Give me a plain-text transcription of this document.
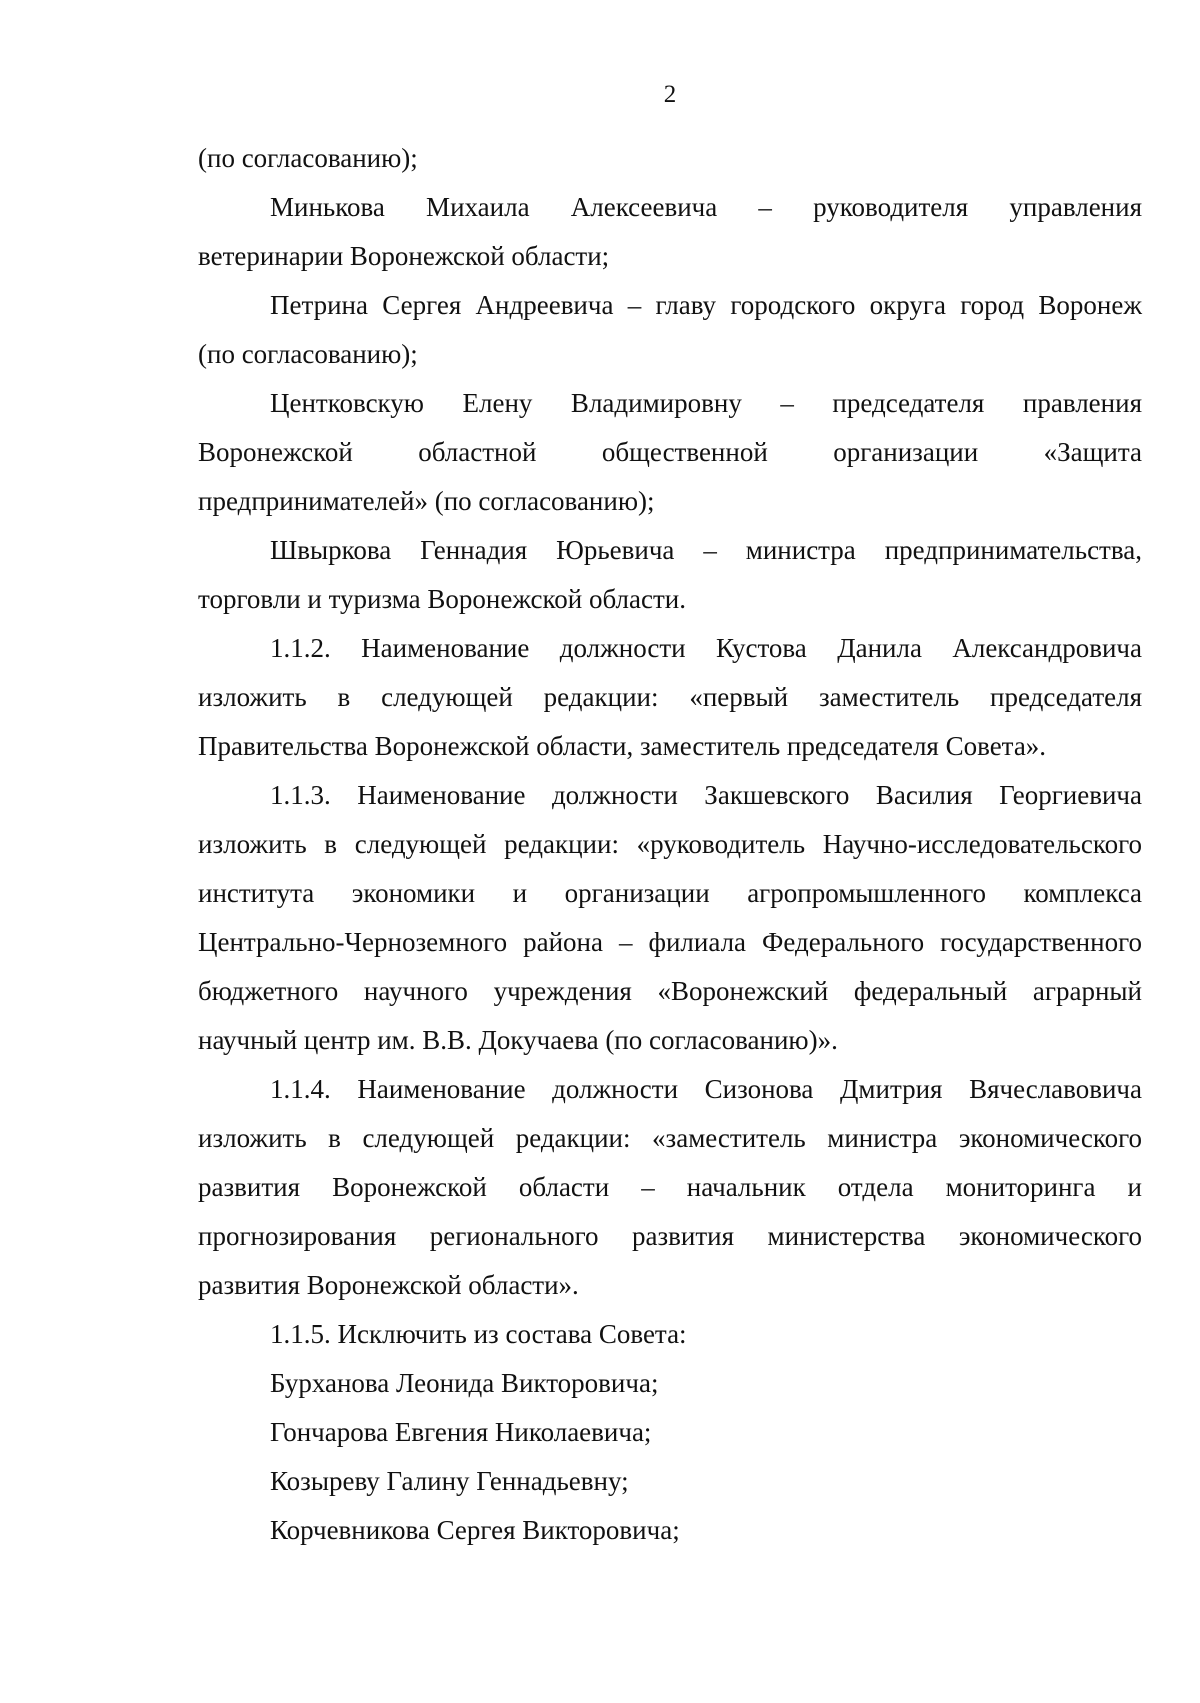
2
(по согласованию);
Минькова Михаила Алексеевича – руководителя управления
ветеринарии Воронежской области;
Петрина Сергея Андреевича – главу городского округа город Воронеж
(по согласованию);
Центковскую Елену Владимировну – председателя правления
Воронежской областной общественной организации «Защита
предпринимателей» (по согласованию);
Швыркова Геннадия Юрьевича – министра предпринимательства,
торговли и туризма Воронежской области.
1.1.2. Наименование должности Кустова Данила Александровича
изложить в следующей редакции: «первый заместитель председателя
Правительства Воронежской области, заместитель председателя Совета».
1.1.3. Наименование должности Закшевского Василия Георгиевича
изложить в следующей редакции: «руководитель Научно-исследовательского
института экономики и организации агропромышленного комплекса
Центрально-Черноземного района – филиала Федерального государственного
бюджетного научного учреждения «Воронежский федеральный аграрный
научный центр им. В.В. Докучаева (по согласованию)».
1.1.4. Наименование должности Сизонова Дмитрия Вячеславовича
изложить в следующей редакции: «заместитель министра экономического
развития Воронежской области – начальник отдела мониторинга и
прогнозирования регионального развития министерства экономического
развития Воронежской области».
1.1.5. Исключить из состава Совета:
Бурханова Леонида Викторовича;
Гончарова Евгения Николаевича;
Козыреву Галину Геннадьевну;
Корчевникова Сергея Викторовича;
